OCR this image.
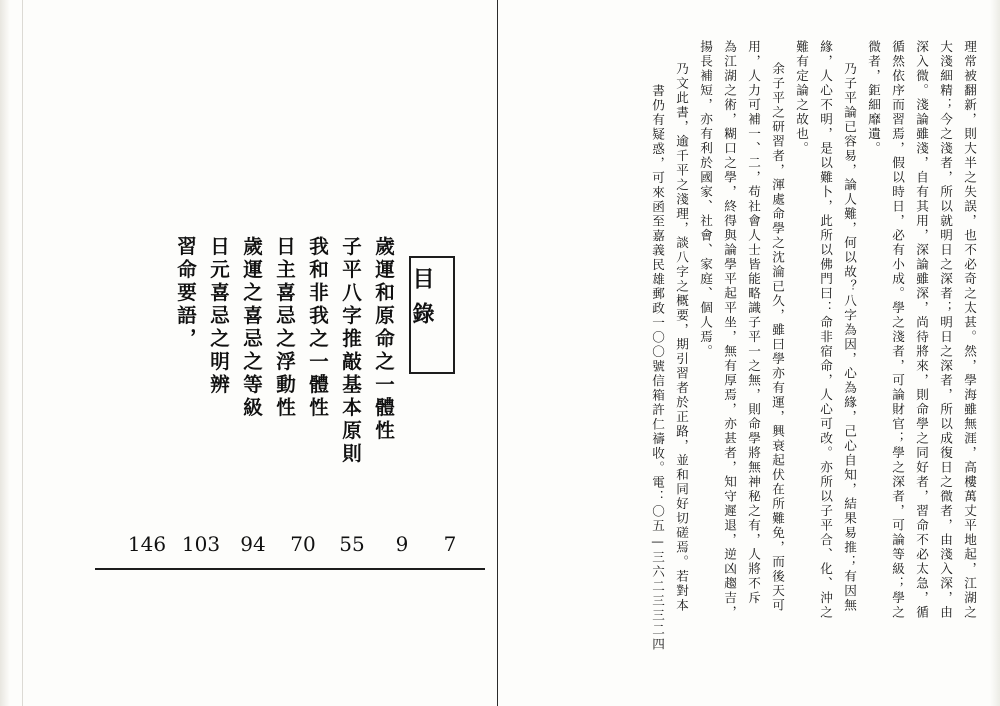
理常被翻新，則大半之失誤，也不必奇之太甚。然，學海雖無涯，高樓萬丈平地起，江湖之
大淺細精；今之淺者，所以就明日之深者；明日之深者，所以成復日之微者，由淺入深，由
深入微。淺論雖淺，自有其用，深論雖深，尚待將來，則命學之同好者，習命不必太急，循
循然依序而習焉，假以時日，必有小成。學之淺者，可論財官；學之深者，可論等級；學之
微者，鉅細靡遺。
乃子平論已容易，論人難，何以故？八字為因，心為緣，己心自知，結果易推；有因無
緣，人心不明，是以難卜，此所以佛門曰：命非宿命，人心可改。亦所以子平合、化、沖之
難有定論之故也。
余子平之研習者，渾處命學之沈淪已久，雖曰學亦有運，興衰起伏在所難免，而後天可
用，人力可補一、二，苟社會人士皆能略識子平一之無，則命學將無神秘之有，人將不斥
為江湖之術，糊口之學，終得與論學平起平坐，無有厚焉，亦甚者，知守遲退，逆凶趨吉，
揚長補短，亦有利於國家、社會、家庭、個人焉。
乃文此書，逾千平之淺理，談八字之概要，期引習者於正路，並和同好切磋焉。若對本
書仍有疑惑，可來函至嘉義民雄郵政一〇〇號信箱許仁禱收。電：〇五—三六二三三二四
目錄
習命要語， 日元喜忌之明辨 歲運之喜忌之等級 日主喜忌之浮動性 我和非我之一體性 子平八字推敲基本原則 歲運和原命之一體性
7
9
55
70
94
103
146
